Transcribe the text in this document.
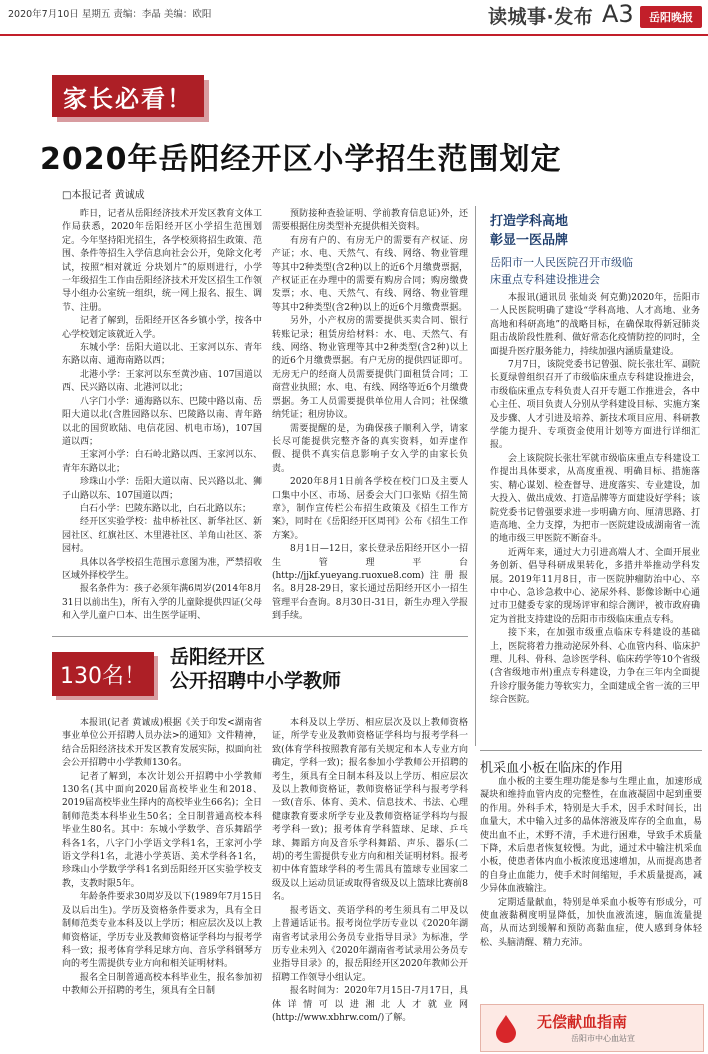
2020年7月10日 星期五 责编：李晶 美编：欧阳	读城事·发布 A3	岳阳晚报
家长必看！
2020年岳阳经开区小学招生范围划定
□本报记者 黄诚成

昨日，记者从岳阳经济技术开发区教育文体工作局获悉，2020年岳阳经开区小学招生范围划定。今年坚持阳光招生，各学校须将招生政策、范围、条件等招生入学信息向社会公开，免除文化考试，按照“相对就近 分块划片”的原则进行，小学一年级招生工作由岳阳经济技术开发区招生工作领导小组办公室统一组织，统一网上报名、报生、调节、注册。

记者了解到，岳阳经开区各乡镇小学，按各中心学校划定该就近入学。

东城小学：岳阳大道以北、王家河以东、青年东路以南、通海南路以西；

北港小学：王家河以东至黄沙庙、107国道以西、民兴路以南、北港河以北；

八字门小学：通海路以东、巴陵中路以南、岳阳大道以北(含胜园路以东、巴陵路以南、青年路以北的国贸欧陆、电信花园、机电市场)，107国道以西；

王家河小学：白石岭北路以西、王家河以东、青年东路以北；

珍珠山小学：岳阳大道以南、民兴路以北、狮子山路以东、107国道以西；

白石小学：巴陵东路以北，白石北路以东；

经开区实验学校：盐申桥社区、新华社区、新园社区、红旗社区、木里港社区、羊角山社区、茶园村。

具体以各学校招生范围示意图为准，严禁招收区域外择校学生。

报名条件为：孩子必须年满6周岁(2014年8月31日以前出生)，所有入学的儿童除提供四证(父母和入学儿童户口本、出生医学证明、

预防接种查验证明、学前教育信息证)外，还需要根据住房类型补充提供相关资料。

有房有户的、有房无户的需要有产权证、房产证；水、电、天然气、有线、网络、物业管理等其中2种类型(含2种)以上的近6个月缴费票据，产权证正在办理中的需要有购房合同；购房缴费发票；水、电、天然气、有线、网络、物业管理等其中2种类型(含2种)以上的近6个月缴费票据。

另外，小产权房的需要提供买卖合同、银行转账记录；租赁房给材料：水、电、天然气、有线、网络、物业管理等其中2种类型(含2种)以上的近6个月缴费票据。有户无房的提供四证即可。无房无户的经商人员需要提供门面租赁合同；工商营业执照；水、电、有线、网络等近6个月缴费票据。务工人员需要提供单位用人合同；社保缴纳凭证；租房协议。

需要提醒的是，为确保孩子顺利入学，请家长尽可能提供完整齐备的真实资料，如弄虚作假、提供不真实信息影响子女入学的由家长负责。

2020年8月1日前各学校在校门口及主要人口集中小区、市场、居委会大门口张贴《招生简章》，制作宣传栏公布招生政策及《招生工作方案》，同时在《岳阳经开区周刊》公布《招生工作方案》。

8月1日—12日，家长登录岳阳经开区小一招生管理平台(http://jjkf.yueyang.ruoxue8.com)注册报名。8月28-29日，家长通过岳阳经开区小一招生管理平台查询。8月30日-31日，新生办理入学报到手续。

打造学科高地
彰显一医品牌
岳阳市一人民医院召开市级临
床重点专科建设推进会

本报讯(通讯员 张灿炎 何克勤)2020年，岳阳市一人民医院明确了建设“学科高地、人才高地、业务高地和科研高地”的战略目标，在确保取得新冠肺炎阻击战阶段性胜利、做好常态化疫情防控的同时，全面提升医疗服务能力，持续加强内涵质量建设。

7月7日，该院党委书记曾强、院长张壮军、副院长夏绿曾组织召开了市级临床重点专科建设推进会，市级临床重点专科负责人召开专题工作推进会，各中心主任、项目负责人分别从学科建设目标、实施方案及步骤、人才引进及培养、新技术项目应用、科研教学能力提升、专项资金使用计划等方面进行详细汇报。

会上该院院长张壮军就市级临床重点专科建设工作提出具体要求，从高度重视、明确目标、措施落实、精心谋划、检查督导、进度落实、专业建设，加大投入、做出成效、打造品牌等方面建设好学科；该院党委书记曾强要求进一步明确方向、厘清思路、打造高地、全力支撑，为把市一医院建设成湖南省一流的地市级三甲医院不断奋斗。

近两年来，通过大力引进高端人才、全面开展业务创新、倡导科研成果转化，多措并举推动学科发展。2019年11月8日，市一医院肿瘤防治中心、卒中中心、急诊急救中心、泌尿外科、影像诊断中心通过市卫健委专家的现场评审和综合测评，被市政府确定为首批支持建设的岳阳市市级临床重点专科。

接下来，在加强市级重点临床专科建设的基础上，医院将着力推动泌尿外科、心血管内科、临床护理、儿科、骨科、急诊医学科、临床药学等10个省级(含省级地市州)重点专科建设，力争在三年内全面提升诊疗服务能力等软实力，全面建成全省一流的三甲综合医院。

130名！
岳阳经开区
公开招聘中小学教师

本报讯(记者 黄诚成)根据《关于印发<湖南省事业单位公开招聘人员办法>的通知》文件精神，结合岳阳经济技术开发区教育发展实际，拟面向社会公开招聘中小学教师130名。

记者了解到，本次计划公开招聘中小学教师130名(其中面向2020届高校毕业生和2018、2019届高校毕业生择内的高校毕业生66名)；全日制师范类本科毕业生50名；全日制普通高校本科毕业生80名。其中：东城小学数学、音乐舞蹈学科各1名，八字门小学语文学科1名，王家河小学语文学科1名，北港小学英语、美术学科各1名，珍珠山小学数学学科1名到岳阳经开区实验学校支教，支教时限5年。

年龄条件要求30周岁及以下(1989年7月15日及以后出生)。学历及资格条件要求为，具有全日制师范类专业本科及以上学历；相应层次及以上教师资格证，学历专业及教师资格证学科均与报考学科一致；报考体育学科足球方向、音乐学科钢琴方向的考生需提供专业方向和相关证明材料。

报名全日制普通高校本科毕业生，报名参加初中教师公开招聘的考生，须具有全日制

本科及以上学历、相应层次及以上教师资格证，所学专业及教师资格证学科均与报考学科一致(体育学科按照教育部有关规定和本人专业方向确定，学科一致)；报名参加小学教师公开招聘的考生，须具有全日制本科及以上学历、相应层次及以上教师资格证，教师资格证学科与报考学科一致(音乐、体育、美术、信息技术、书法、心理健康教育要求所学专业及教师资格证学科均与报考学科一致)；报考体育学科篮球、足球、乒乓球、舞蹈方向及音乐学科舞蹈、声乐、器乐(二胡)的考生需提供专业方向和相关证明材料。报考初中体育篮球学科的考生需具有篮球专业国家二级及以上运动员证或取得省级及以上篮球比赛前8名。

报考语文、英语学科的考生须具有二甲及以上普通话证书。报考岗位学历专业以《2020年湖南省考试录用公务员专业指导目录》为标准，学历专业未列入《2020年湖南省考试录用公务员专业指导目录》的，报岳阳经开区2020年教师公开招聘工作领导小组认定。

报名时间为：2020年7月15日-7月17日，具体详情可以进湘北人才就业网(http://www.xbhrw.com/)了解。

机采血小板在临床的作用

血小板的主要生理功能是参与生理止血，加速形成凝块和维持血管内皮的完整性，在血液凝固中起到重要的作用。外科手术，特别是大手术，因手术时间长，出血量大，术中输入过多的晶体溶液及库存的全血血，易使出血不止，术野不清，手术进行困难，导致手术质量下降，术后患者恢复较慢。为此，通过术中输注机采血小板，使患者体内血小板浓度迅速增加，从而提高患者的自身止血能力，使手术时间缩短，手术质量提高，减少异体血液输注。

定期适量献血，特别是单采血小板等有形成分，可使血液黏稠度明显降低，加快血液流速，脑血流量提高，从而达到缓解和预防高黏血症，使人感到身体轻松、头脑清醒、精力充沛。

无偿献血指南
岳阳市中心血站宣
